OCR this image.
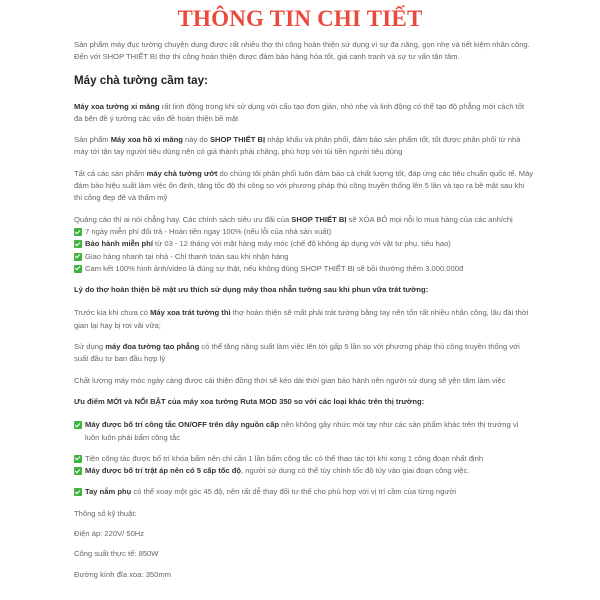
THÔNG TIN CHI TIẾT

Sản phẩm máy đục tường chuyên dụng được rất nhiều thợ thi công hoàn thiện sử dụng vì sự đa năng, gọn nhẹ và tiết kiệm nhân công. Đến với SHOP THIẾT BỊ thợ thi công hoàn thiện được đảm bảo hàng hóa tốt, giá cạnh tranh và sự tư vấn tận tâm.

Máy chà tường cầm tay:

Máy xoa tường xi măng rất linh động trong khi sử dụng với cấu tạo đơn giản, nhỏ nhẹ và linh động có thể tạo độ phẳng mới cách tốt đa bên đề ý tưởng các vấn đề hoàn thiện bề mặt

Sản phẩm Máy xoa hồ xi măng này do SHOP THIẾT BỊ nhập khẩu và phân phối, đảm bảo sản phẩm tốt, tốt được phân phối từ nhà máy tới tận tay người tiêu dùng nên có giá thành phải chăng, phù hợp với túi tiền người tiêu dùng

Tất cả các sản phẩm máy chà tường ướt do chúng tôi phân phối luôn đảm bảo cả chất lượng tốt, đáp ứng các tiêu chuẩn quốc tế. Máy đảm bảo hiệu suất làm việc ổn định, tăng tốc độ thi công so với phương pháp thủ công truyền thống lên 5 lần và tạo ra bề mặt sau khi thi công đẹp đẽ và thẩm mỹ

Quảng cáo thì ai nói chẳng hay. Các chính sách siêu ưu đãi của SHOP THIẾT BỊ sẽ XÓA BỎ mọi nỗi lo mua hàng của các anh/chị

7 ngày miễn phí đổi trả - Hoàn tiền ngay 100% (nếu lỗi của nhà sản xuất)

Bảo hành miễn phí từ 03 - 12 tháng với mặt hàng máy móc (chế độ không áp dụng với vật tư phụ, tiêu hao)

Giao hàng nhanh tại nhà - Chỉ thanh toán sau khi nhận hàng

Cam kết 100% hình ảnh/video là đúng sự thật, nếu không đúng SHOP THIẾT BỊ sẽ bồi thường thêm 3.000.000đ

Lý do thợ hoàn thiện bề mặt ưu thích sử dụng máy thoa nhẵn tường sau khi phun vữa trát tường:

Trước kia khi chưa có Máy xoa trát tường thì thợ hoàn thiện sẽ mất phải trát tường bằng tay nên tốn rất nhiều nhân công, lâu đài thời gian lại hay bị rơi vãi vữa;

Sử dụng máy đoa tường tạo phẳng có thể tăng năng suất làm việc lên tới gấp 5 lần so với phương pháp thủ công truyền thống với suất đầu tư ban đầu hợp lý

Chất lượng máy móc ngày càng được cải thiện đồng thời sẽ kéo dài thời gian bảo hành nên người sử dụng sẽ yên tâm làm việc

Ưu điểm MỚI và NỔI BẬT của máy xoa tường Ruta MOD 350 so với các loại khác trên thị trường:

Máy được bố trí công tắc ON/OFF trên dây nguồn cấp nên không gây nhức mỏi tay như các sản phẩm khác trên thị trường vì luôn luôn phải bấm công tắc

Tiện công tác được bố trí khóa bấm nên chỉ cần 1 lần bấm công tắc có thể thao tác tới khi xong 1 công đoạn nhất định

Máy được bố trí trật áp nên có 5 cấp tốc độ, người sử dụng có thể tùy chỉnh tốc độ tùy vào giai đoạn công việc.

Tay nắm phụ có thể xoay một góc 45 độ, nên rất dễ thay đổi tư thế cho phù hợp với vị trí cầm của từng người

Thông số kỹ thuật:

Điện áp: 220V/ 50Hz

Công suất thực tế: 850W

Đường kính đĩa xoa: 350mm
